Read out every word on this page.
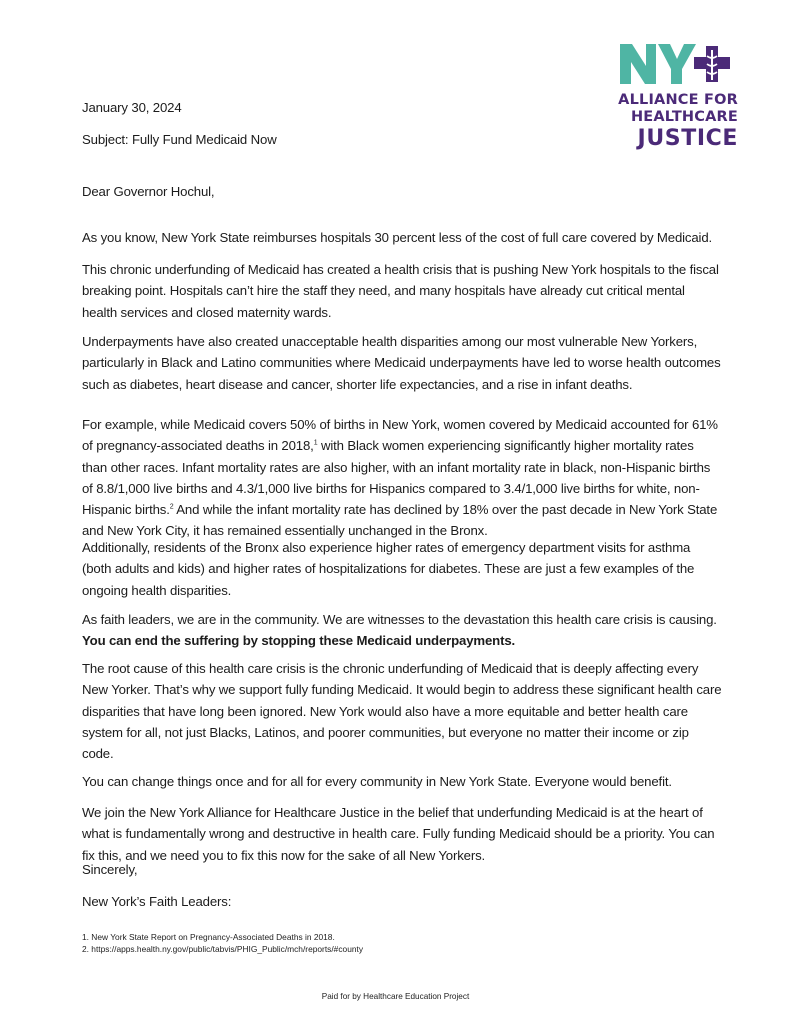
ALLIANCE FOR
HEALTHCARE
JUSTICE
January 30, 2024
Subject: Fully Fund Medicaid Now
Dear Governor Hochul,

As you know, New York State reimburses hospitals 30 percent less of the cost of full care covered by Medicaid.

This chronic underfunding of Medicaid has created a health crisis that is pushing New York hospitals to the fiscal breaking point. Hospitals can’t hire the staff they need, and many hospitals have already cut critical mental health services and closed maternity wards.

Underpayments have also created unacceptable health disparities among our most vulnerable New Yorkers, particularly in Black and Latino communities where Medicaid underpayments have led to worse health outcomes such as diabetes, heart disease and cancer, shorter life expectancies, and a rise in infant deaths.

For example, while Medicaid covers 50% of births in New York, women covered by Medicaid accounted for 61% of pregnancy-associated deaths in 2018,$^1$ with Black women experiencing significantly higher mortality rates than other races. Infant mortality rates are also higher, with an infant mortality rate in black, non-Hispanic births of 8.8/1,000 live births and 4.3/1,000 live births for Hispanics compared to 3.4/1,000 live births for white, non-Hispanic births.$^2$ And while the infant mortality rate has declined by 18% over the past decade in New York State and New York City, it has remained essentially unchanged in the Bronx.

Additionally, residents of the Bronx also experience higher rates of emergency department visits for asthma (both adults and kids) and higher rates of hospitalizations for diabetes. These are just a few examples of the ongoing health disparities.

As faith leaders, we are in the community. We are witnesses to the devastation this health care crisis is causing.
You can end the suffering by stopping these Medicaid underpayments.

The root cause of this health care crisis is the chronic underfunding of Medicaid that is deeply affecting every New Yorker. That’s why we support fully funding Medicaid. It would begin to address these significant health care disparities that have long been ignored. New York would also have a more equitable and better health care system for all, not just Blacks, Latinos, and poorer communities, but everyone no matter their income or zip code.

You can change things once and for all for every community in New York State. Everyone would benefit.

We join the New York Alliance for Healthcare Justice in the belief that underfunding Medicaid is at the heart of what is fundamentally wrong and destructive in health care. Fully funding Medicaid should be a priority. You can fix this, and we need you to fix this now for the sake of all New Yorkers.

Sincerely,
New York’s Faith Leaders:
1. New York State Report on Pregnancy-Associated Deaths in 2018.
2. https://apps.health.ny.gov/public/tabvis/PHIG_Public/mch/reports/#county
Paid for by Healthcare Education Project
